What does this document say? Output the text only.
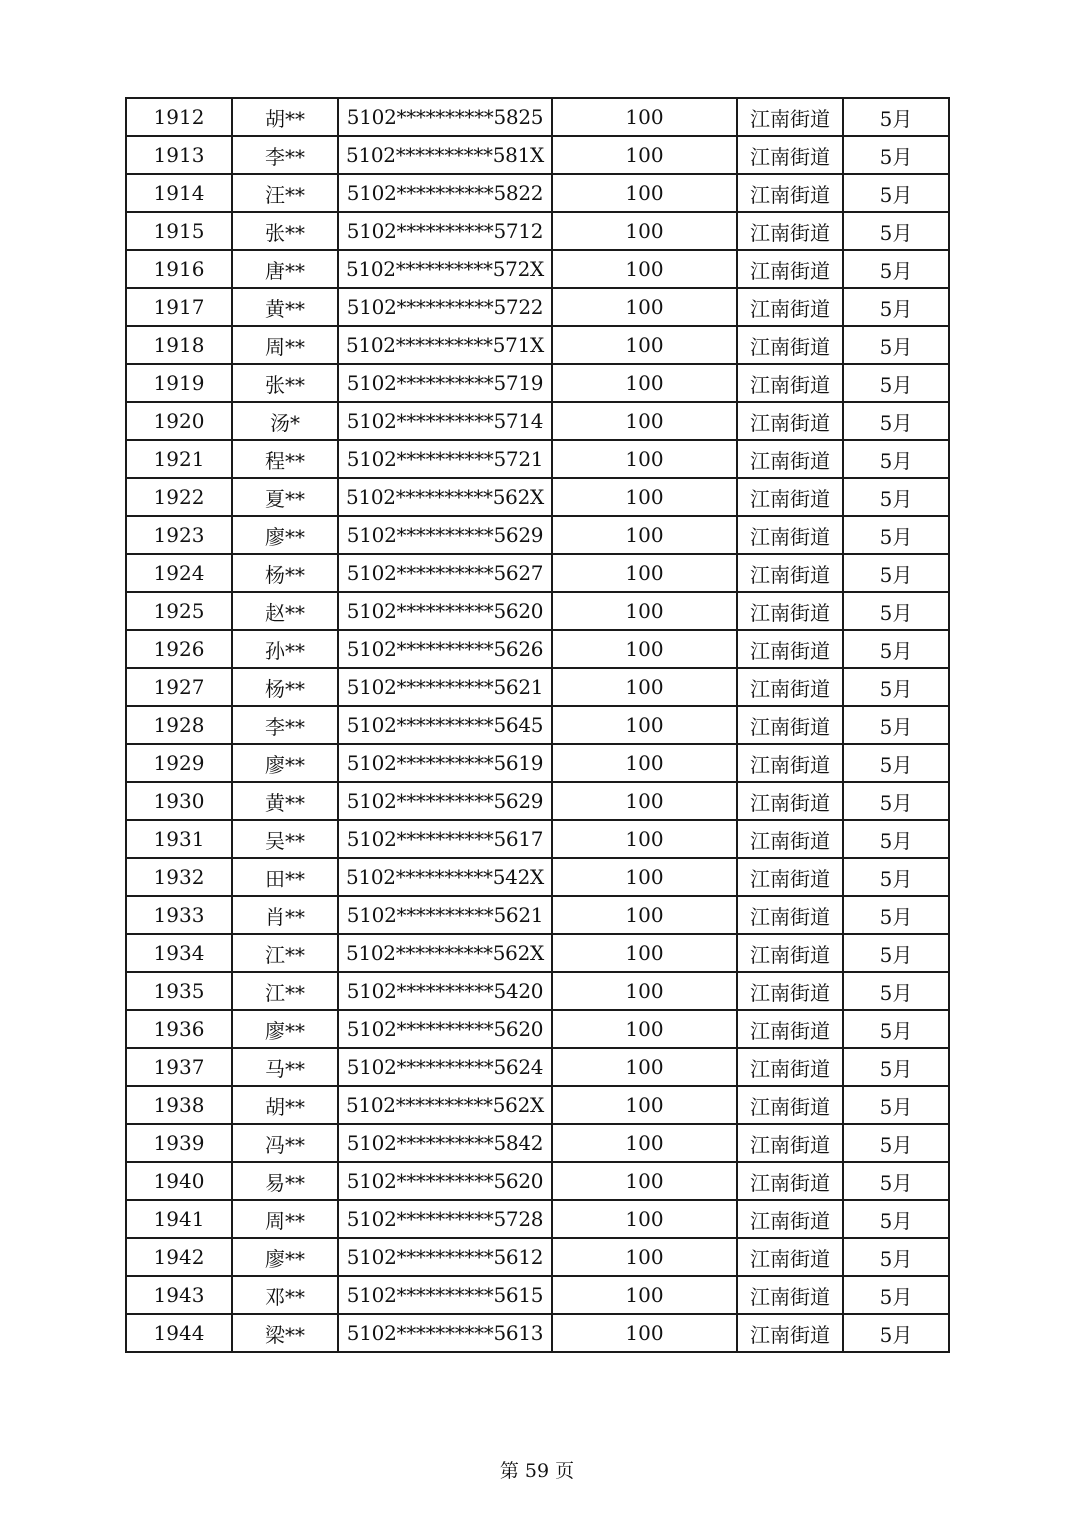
1912	胡**	5102**********5825	100	江南街道	5月
1913	李**	5102**********581X	100	江南街道	5月
1914	汪**	5102**********5822	100	江南街道	5月
1915	张**	5102**********5712	100	江南街道	5月
1916	唐**	5102**********572X	100	江南街道	5月
1917	黄**	5102**********5722	100	江南街道	5月
1918	周**	5102**********571X	100	江南街道	5月
1919	张**	5102**********5719	100	江南街道	5月
1920	汤*	5102**********5714	100	江南街道	5月
1921	程**	5102**********5721	100	江南街道	5月
1922	夏**	5102**********562X	100	江南街道	5月
1923	廖**	5102**********5629	100	江南街道	5月
1924	杨**	5102**********5627	100	江南街道	5月
1925	赵**	5102**********5620	100	江南街道	5月
1926	孙**	5102**********5626	100	江南街道	5月
1927	杨**	5102**********5621	100	江南街道	5月
1928	李**	5102**********5645	100	江南街道	5月
1929	廖**	5102**********5619	100	江南街道	5月
1930	黄**	5102**********5629	100	江南街道	5月
1931	吴**	5102**********5617	100	江南街道	5月
1932	田**	5102**********542X	100	江南街道	5月
1933	肖**	5102**********5621	100	江南街道	5月
1934	江**	5102**********562X	100	江南街道	5月
1935	江**	5102**********5420	100	江南街道	5月
1936	廖**	5102**********5620	100	江南街道	5月
1937	马**	5102**********5624	100	江南街道	5月
1938	胡**	5102**********562X	100	江南街道	5月
1939	冯**	5102**********5842	100	江南街道	5月
1940	易**	5102**********5620	100	江南街道	5月
1941	周**	5102**********5728	100	江南街道	5月
1942	廖**	5102**********5612	100	江南街道	5月
1943	邓**	5102**********5615	100	江南街道	5月
1944	梁**	5102**********5613	100	江南街道	5月
第 59 页
